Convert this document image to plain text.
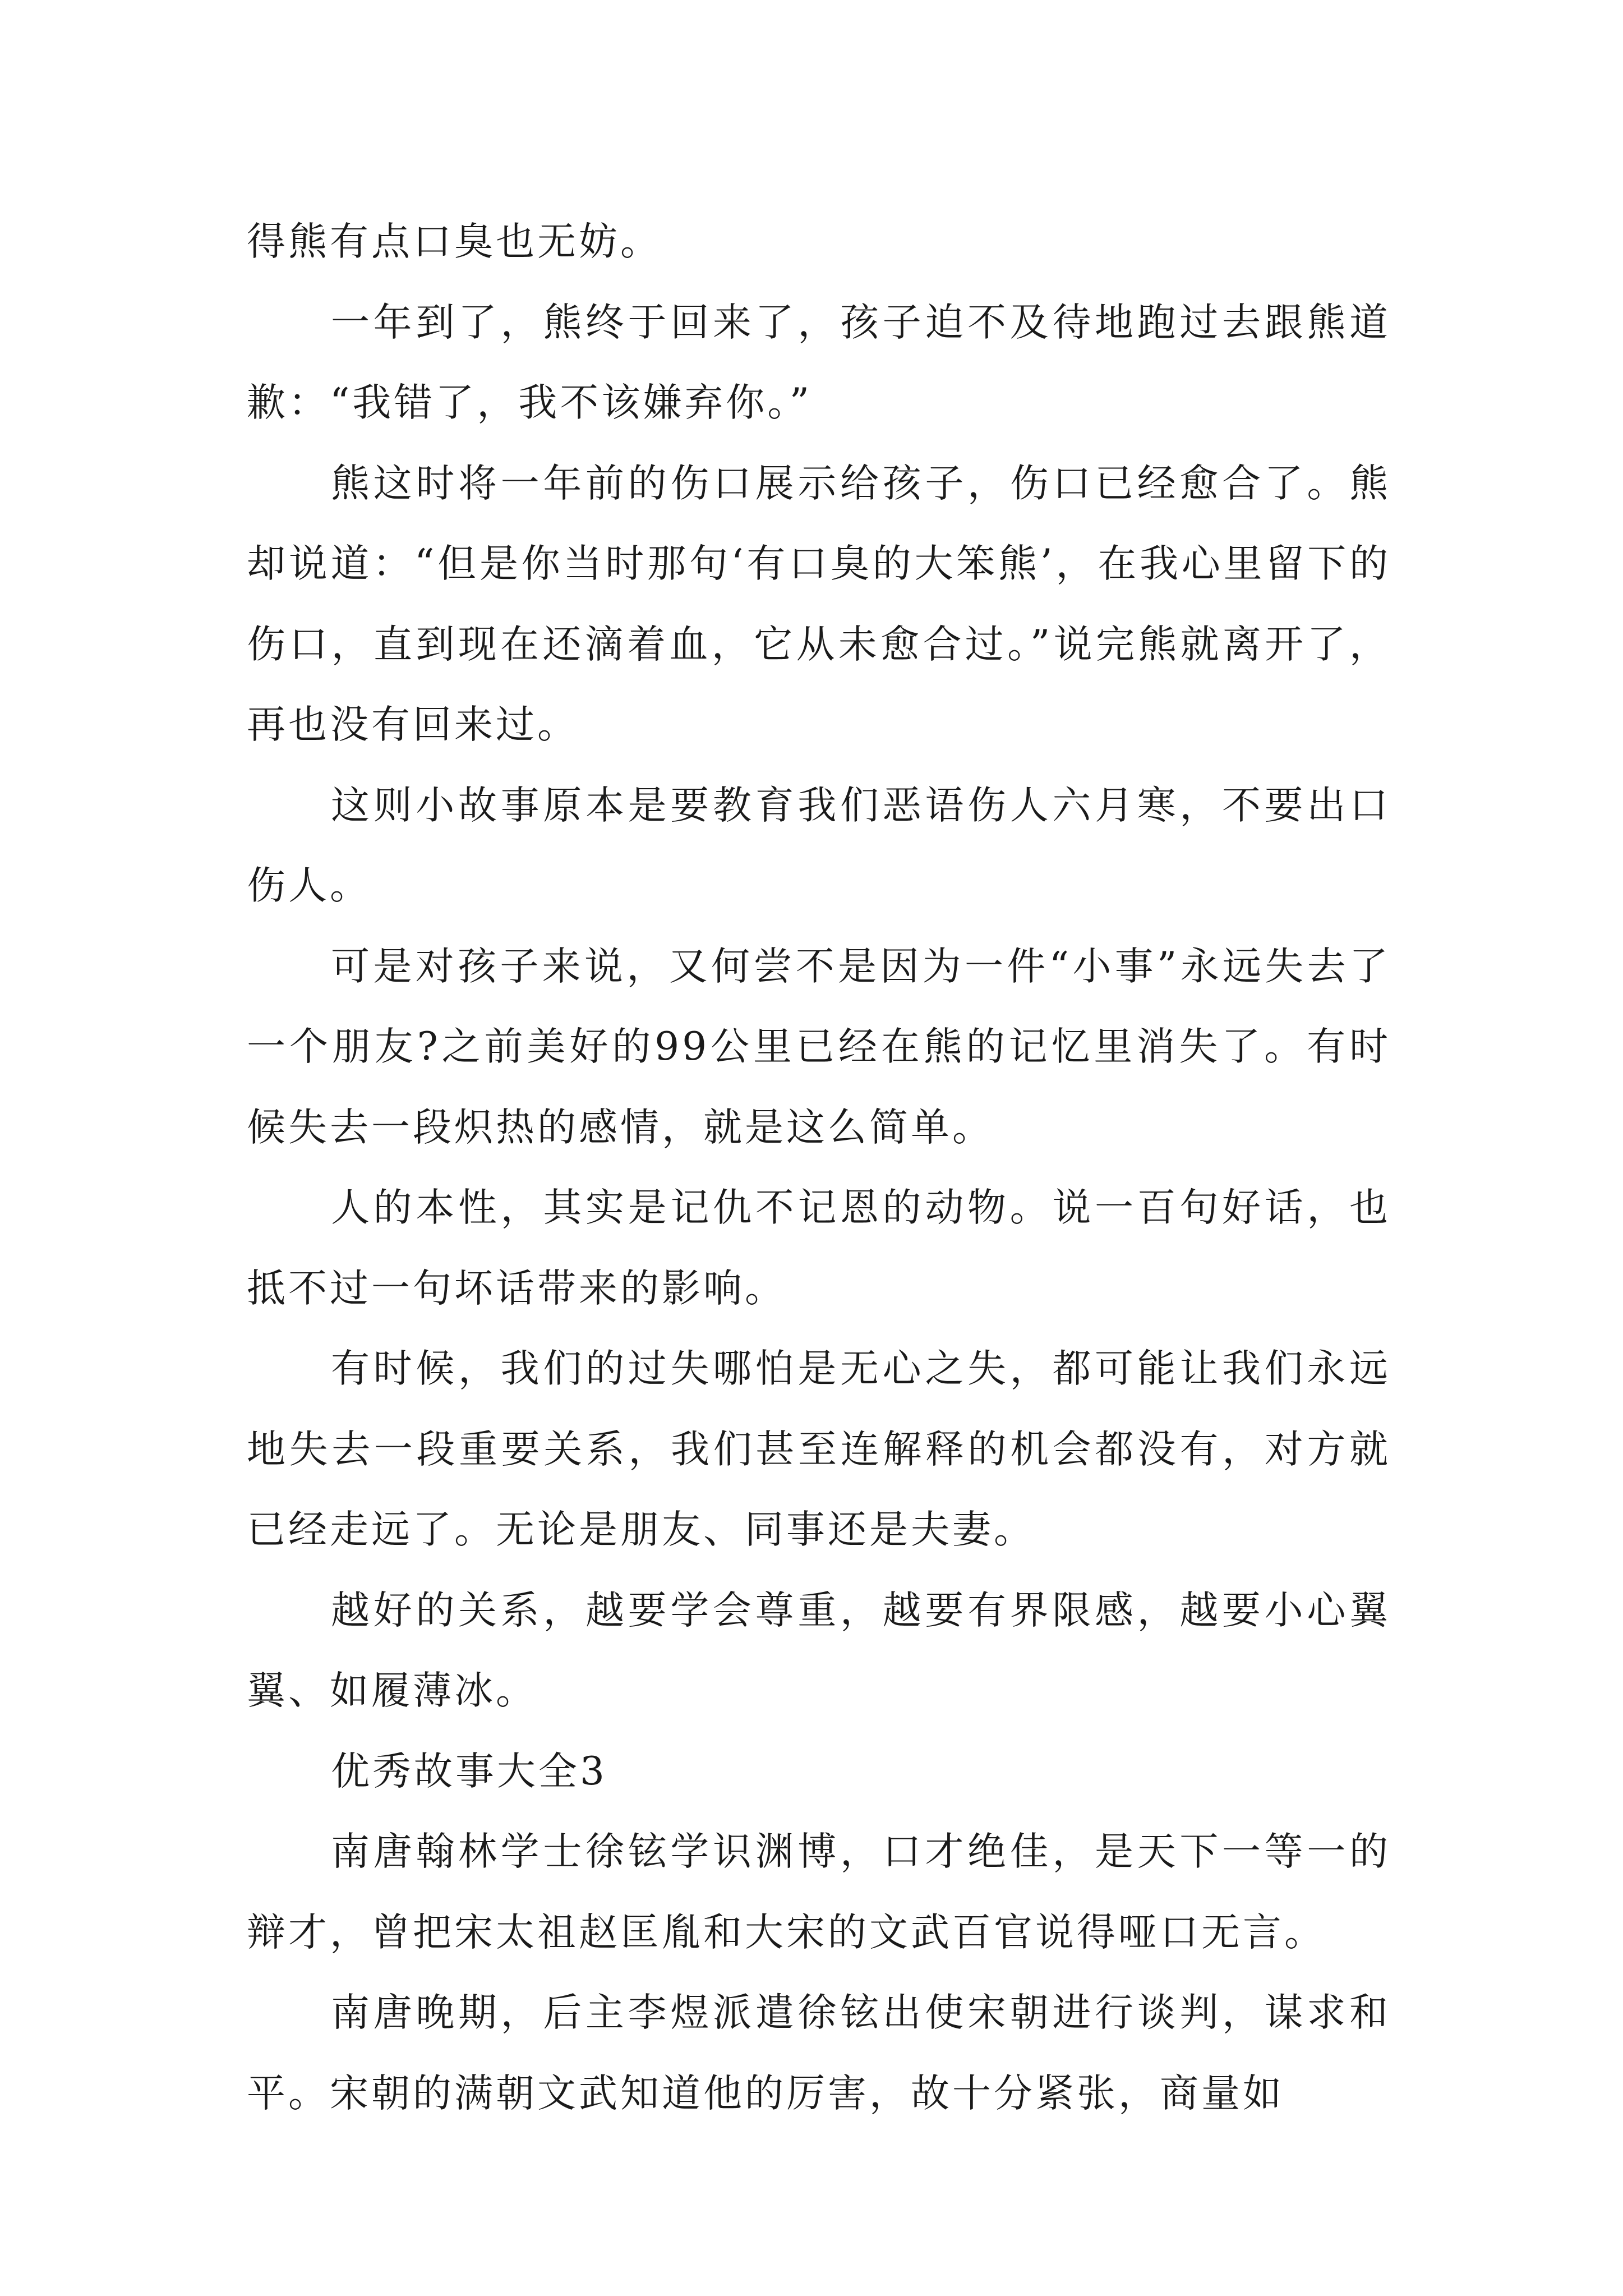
得熊有点口臭也无妨。

一年到了，熊终于回来了，孩子迫不及待地跑过去跟熊道歉：“我错了，我不该嫌弃你。”

熊这时将一年前的伤口展示给孩子，伤口已经愈合了。熊却说道：“但是你当时那句‘有口臭的大笨熊’，在我心里留下的伤口，直到现在还滴着血，它从未愈合过。”说完熊就离开了，再也没有回来过。

这则小故事原本是要教育我们恶语伤人六月寒，不要出口伤人。

可是对孩子来说，又何尝不是因为一件“小事”永远失去了一个朋友?之前美好的99公里已经在熊的记忆里消失了。有时候失去一段炽热的感情，就是这么简单。

人的本性，其实是记仇不记恩的动物。说一百句好话，也抵不过一句坏话带来的影响。

有时候，我们的过失哪怕是无心之失，都可能让我们永远地失去一段重要关系，我们甚至连解释的机会都没有，对方就已经走远了。无论是朋友、同事还是夫妻。

越好的关系，越要学会尊重，越要有界限感，越要小心翼翼、如履薄冰。

优秀故事大全3

南唐翰林学士徐铉学识渊博，口才绝佳，是天下一等一的辩才，曾把宋太祖赵匡胤和大宋的文武百官说得哑口无言。

南唐晚期，后主李煜派遣徐铉出使宋朝进行谈判，谋求和平。宋朝的满朝文武知道他的厉害，故十分紧张，商量如
